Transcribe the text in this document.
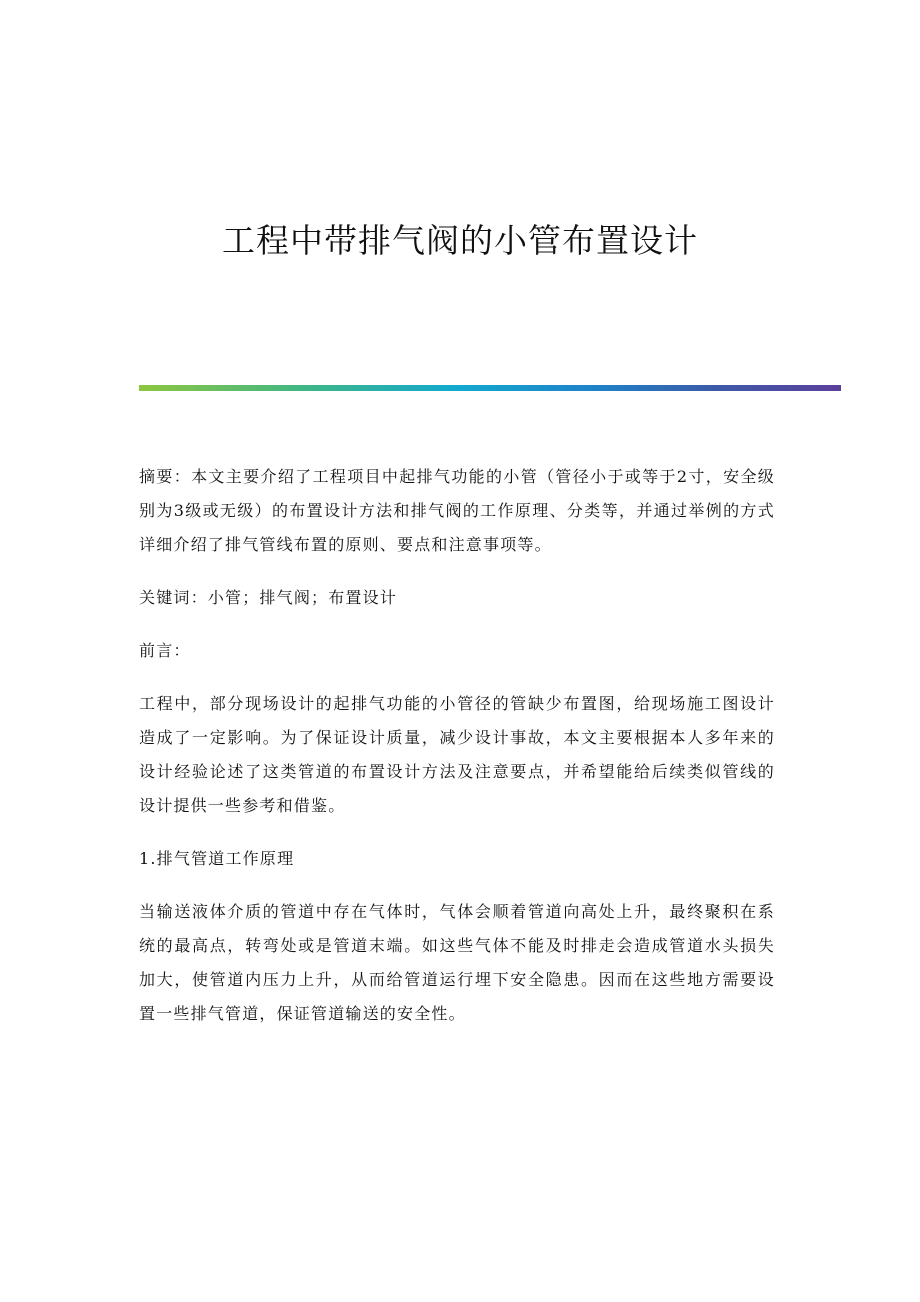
工程中带排气阀的小管布置设计

摘要：本文主要介绍了工程项目中起排气功能的小管（管径小于或等于2寸，安全级别为3级或无级）的布置设计方法和排气阀的工作原理、分类等，并通过举例的方式详细介绍了排气管线布置的原则、要点和注意事项等。

关键词：小管；排气阀；布置设计

前言：

工程中，部分现场设计的起排气功能的小管径的管缺少布置图，给现场施工图设计造成了一定影响。为了保证设计质量，减少设计事故，本文主要根据本人多年来的设计经验论述了这类管道的布置设计方法及注意要点，并希望能给后续类似管线的设计提供一些参考和借鉴。

1.排气管道工作原理

当输送液体介质的管道中存在气体时，气体会顺着管道向高处上升，最终聚积在系统的最高点，转弯处或是管道末端。如这些气体不能及时排走会造成管道水头损失加大，使管道内压力上升，从而给管道运行埋下安全隐患。因而在这些地方需要设置一些排气管道，保证管道输送的安全性。
